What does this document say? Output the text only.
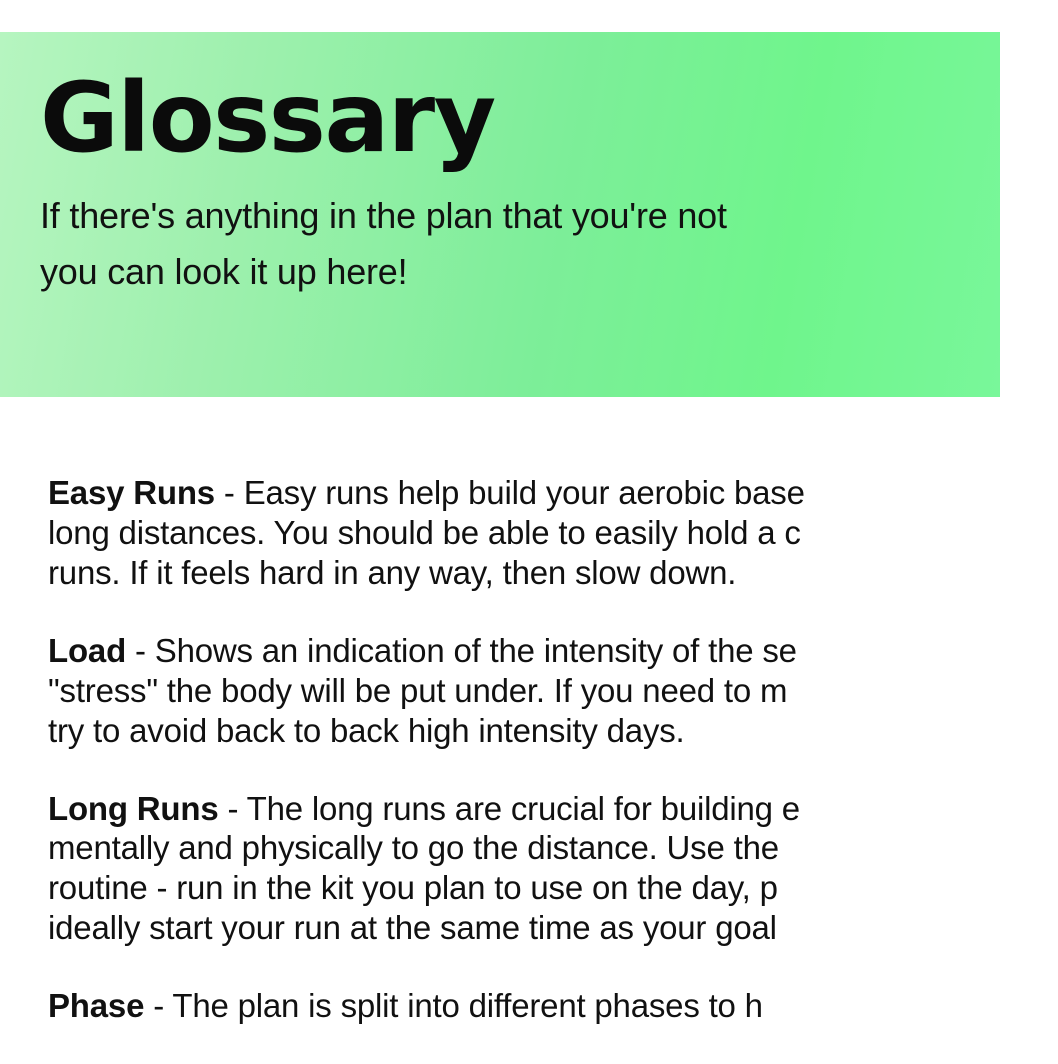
Glossary

If there's anything in the plan that you're not
you can look it up here!

Easy Runs - Easy runs help build your aerobic base
long distances. You should be able to easily hold a c
runs. If it feels hard in any way, then slow down.

Load - Shows an indication of the intensity of the se
"stress" the body will be put under. If you need to m
try to avoid back to back high intensity days.

Long Runs - The long runs are crucial for building e
mentally and physically to go the distance. Use the
routine - run in the kit you plan to use on the day, p
ideally start your run at the same time as your goal

Phase - The plan is split into different phases to h
